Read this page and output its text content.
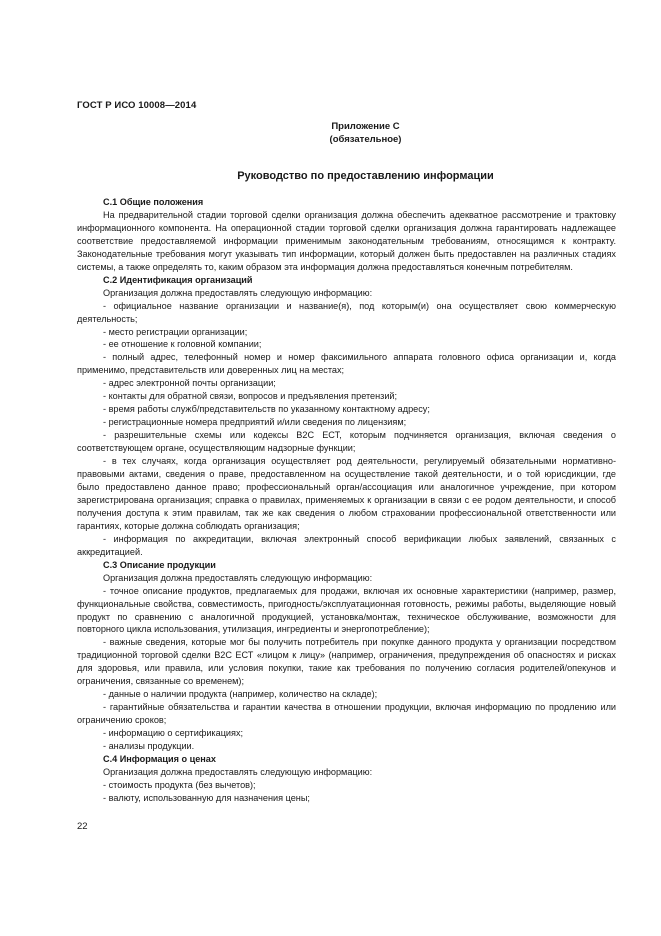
ГОСТ Р ИСО 10008—2014
Приложение С
(обязательное)
Руководство по предоставлению информации

С.1 Общие положения

На предварительной стадии торговой сделки организация должна обеспечить адекватное рассмотрение и трактовку информационного компонента. На операционной стадии торговой сделки организация должна гарантировать надлежащее соответствие предоставляемой информации применимым законодательным требованиям, относящимся к контракту. Законодательные требования могут указывать тип информации, который должен быть предоставлен на различных стадиях системы, а также определять то, каким образом эта информация должна предоставляться конечным потребителям.

С.2 Идентификация организаций

Организация должна предоставлять следующую информацию:

- официальное название организации и название(я), под которым(и) она осуществляет свою коммерческую деятельность;

- место регистрации организации;

- ее отношение к головной компании;

- полный адрес, телефонный номер и номер факсимильного аппарата головного офиса организации и, когда применимо, представительств или доверенных лиц на местах;

- адрес электронной почты организации;

- контакты для обратной связи, вопросов и предъявления претензий;

- время работы служб/представительств по указанному контактному адресу;

- регистрационные номера предприятий и/или сведения по лицензиям;

- разрешительные схемы или кодексы В2С ЕСТ, которым подчиняется организация, включая сведения о соответствующем органе, осуществляющим надзорные функции;

- в тех случаях, когда организация осуществляет род деятельности, регулируемый обязательными нормативно-правовыми актами, сведения о праве, предоставленном на осуществление такой деятельности, и о той юрисдикции, где было предоставлено данное право; профессиональный орган/ассоциация или аналогичное учреждение, при котором зарегистрирована организация; справка о правилах, применяемых к организации в связи с ее родом деятельности, и способ получения доступа к этим правилам, так же как сведения о любом страховании профессиональной ответственности или гарантиях, которые должна соблюдать организация;

- информация по аккредитации, включая электронный способ верификации любых заявлений, связанных с аккредитацией.

С.3 Описание продукции

Организация должна предоставлять следующую информацию:

- точное описание продуктов, предлагаемых для продажи, включая их основные характеристики (например, размер, функциональные свойства, совместимость, пригодность/эксплуатационная готовность, режимы работы, выделяющие новый продукт по сравнению с аналогичной продукцией, установка/монтаж, техническое обслуживание, возможности для повторного цикла использования, утилизация, ингредиенты и энергопотребление);

- важные сведения, которые мог бы получить потребитель при покупке данного продукта у организации посредством традиционной торговой сделки В2С ЕСТ «лицом к лицу» (например, ограничения, предупреждения об опасностях и рисках для здоровья, или правила, или условия покупки, такие как требования по получению согласия родителей/опекунов и ограничения, связанные со временем);

- данные о наличии продукта (например, количество на складе);

- гарантийные обязательства и гарантии качества в отношении продукции, включая информацию по продлению или ограничению сроков;

- информацию о сертификациях;

- анализы продукции.

С.4 Информация о ценах

Организация должна предоставлять следующую информацию:

- стоимость продукта (без вычетов);

- валюту, использованную для назначения цены;

22
